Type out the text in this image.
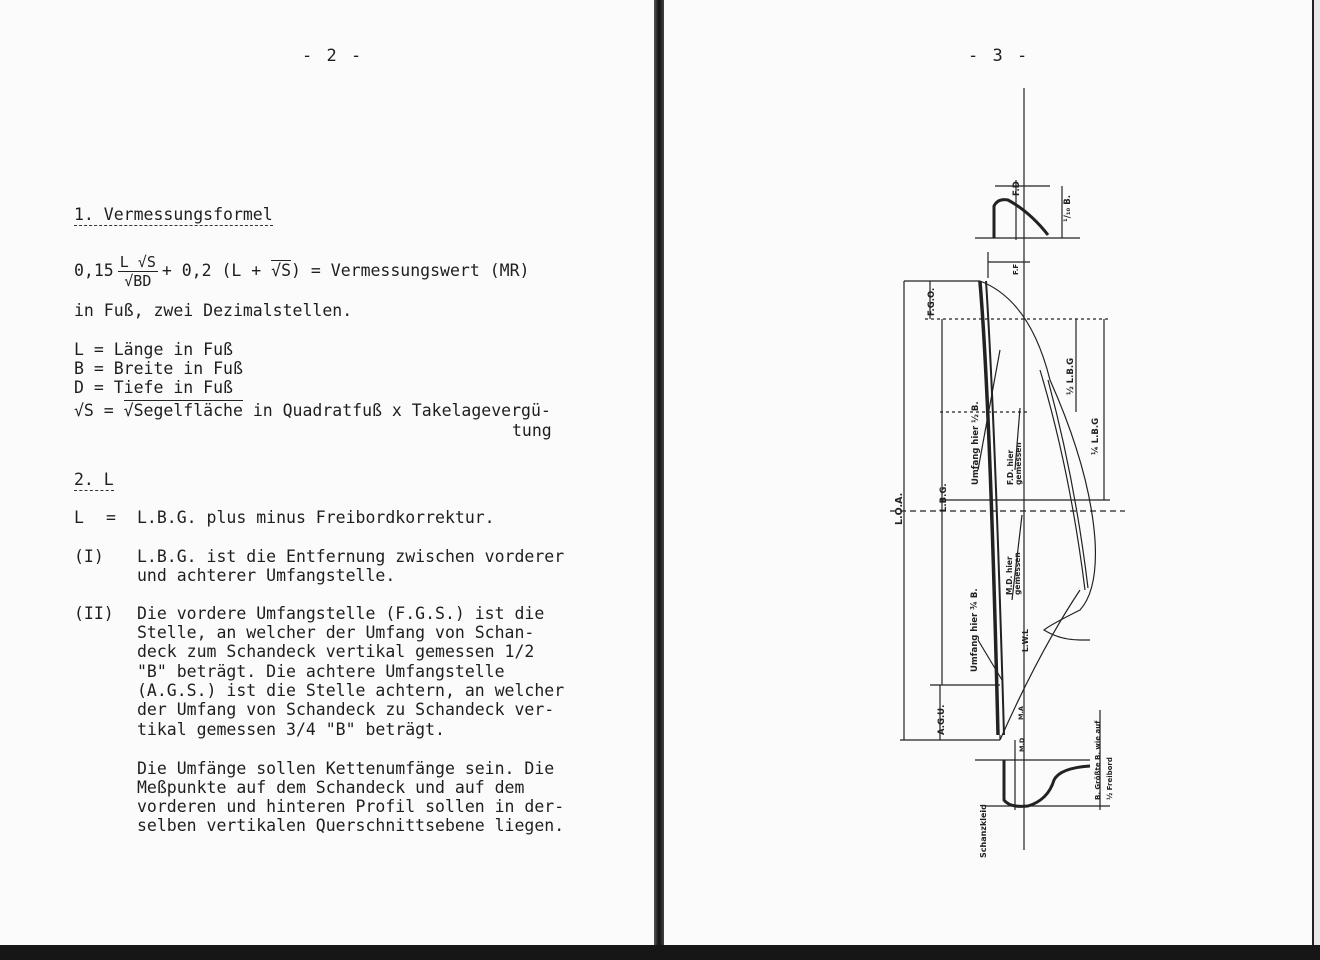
- 2 -
1. Vermessungsformel
$0,15 \frac{L √S}{√BD} + 0,2$ (L + √S) = Vermessungswert (MR)
in Fuß, zwei Dezimalstellen.
L = Länge in Fuß
B = Breite in Fuß
D = Tiefe in Fuß
√S = √Segelfläche in Quadratfuß x Takelagevergü-
tung
2. L
L = L.B.G. plus minus Freibordkorrektur.
(I) L.B.G. ist die Entfernung zwischen vorderer
und achterer Umfangstelle.
(II) Die vordere Umfangstelle (F.G.S.) ist die
Stelle, an welcher der Umfang von Schan-
deck zum Schandeck vertikal gemessen 1/2
"B" beträgt. Die achtere Umfangstelle
(A.G.S.) ist die Stelle achtern, an welcher
der Umfang von Schandeck zu Schandeck ver-
tikal gemessen 3/4 "B" beträgt.
Die Umfänge sollen Kettenumfänge sein. Die
Meßpunkte auf dem Schandeck und auf dem
vorderen und hinteren Profil sollen in der-
selben vertikalen Querschnittsebene liegen.
- 3 -
F.D
¹/₁₀ B.
F.F
F.G.O.
L.O.A.	L.B.G.
Umfang hier ½ B.	F.D. hier gemessen
½ L.B.G
¼ L.B.G
Umfang hier ¾ B.
M.D. hier gemessen
L.W.L
A.G.U.	M.A
M.D	B. Größte B. wie auf ½ Freibord
Schanzkleid
